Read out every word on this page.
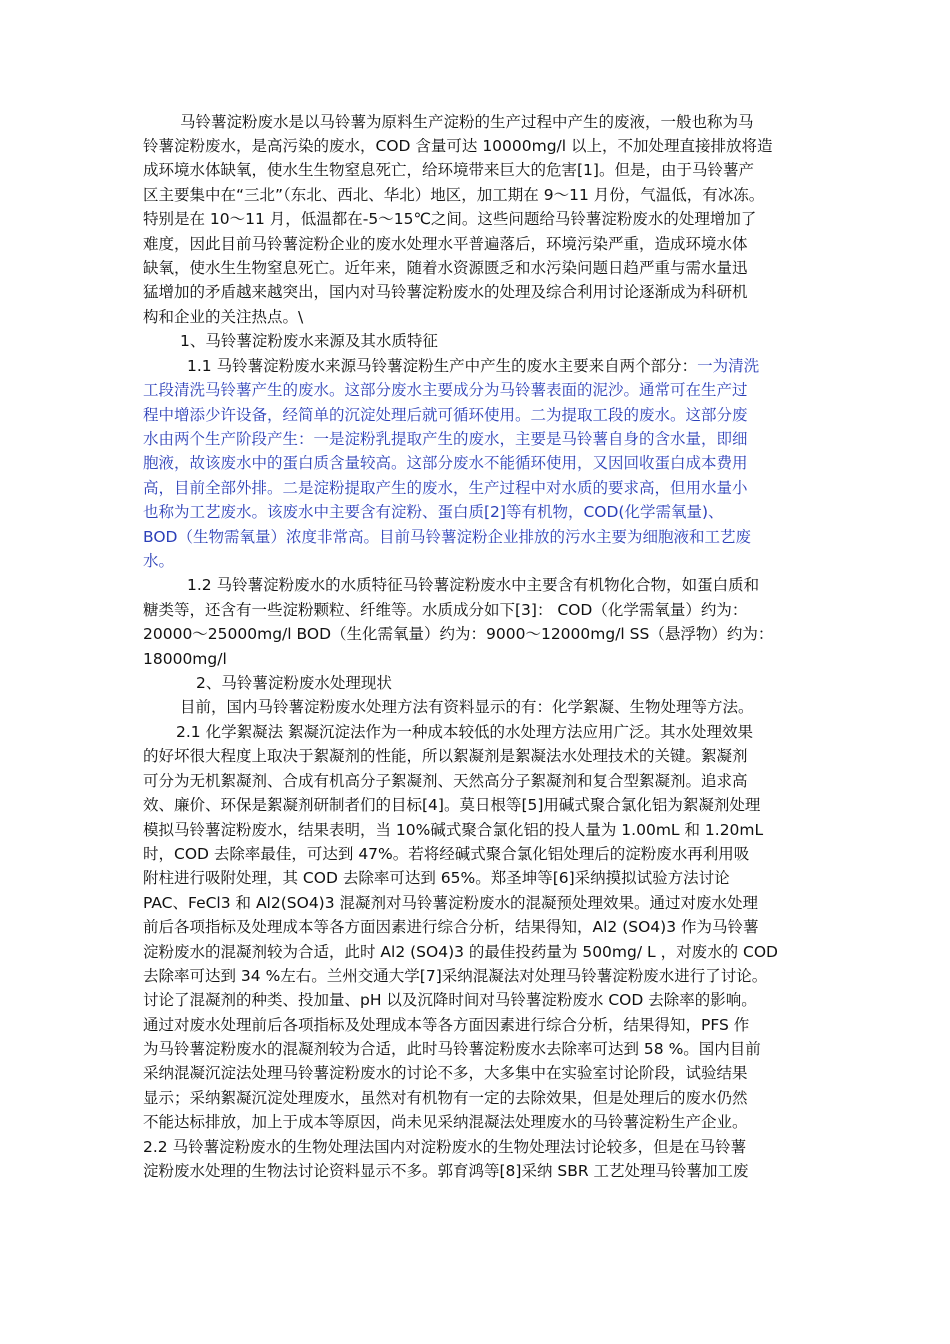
马铃薯淀粉废水是以马铃薯为原料生产淀粉的生产过程中产生的废液，一般也称为马
铃薯淀粉废水，是高污染的废水，COD 含量可达 10000mg/l 以上，不加处理直接排放将造
成环境水体缺氧，使水生生物窒息死亡，给环境带来巨大的危害[1]。但是，由于马铃薯产
区主要集中在“三北”（东北、西北、华北）地区，加工期在 9～11 月份，气温低，有冰冻。
特别是在 10～11 月，低温都在-5～15℃之间。这些问题给马铃薯淀粉废水的处理增加了
难度，因此目前马铃薯淀粉企业的废水处理水平普遍落后，环境污染严重，造成环境水体
缺氧，使水生生物窒息死亡。近年来，随着水资源匮乏和水污染问题日趋严重与需水量迅
猛增加的矛盾越来越突出，国内对马铃薯淀粉废水的处理及综合利用讨论逐渐成为科研机
构和企业的关注热点。\
1、马铃薯淀粉废水来源及其水质特征
1.1 马铃薯淀粉废水来源马铃薯淀粉生产中产生的废水主要来自两个部分：一为清洗
工段清洗马铃薯产生的废水。这部分废水主要成分为马铃薯表面的泥沙。通常可在生产过
程中增添少许设备，经简单的沉淀处理后就可循环使用。二为提取工段的废水。这部分废
水由两个生产阶段产生：一是淀粉乳提取产生的废水，主要是马铃薯自身的含水量，即细
胞液，故该废水中的蛋白质含量较高。这部分废水不能循环使用，又因回收蛋白成本费用
高，目前全部外排。二是淀粉提取产生的废水，生产过程中对水质的要求高，但用水量小
也称为工艺废水。该废水中主要含有淀粉、蛋白质[2]等有机物，COD(化学需氧量)、
BOD（生物需氧量）浓度非常高。目前马铃薯淀粉企业排放的污水主要为细胞液和工艺废
水。
1.2 马铃薯淀粉废水的水质特征马铃薯淀粉废水中主要含有机物化合物，如蛋白质和
糖类等，还含有一些淀粉颗粒、纤维等。水质成分如下[3]： COD（化学需氧量）约为：
20000～25000mg/l BOD（生化需氧量）约为：9000～12000mg/l SS（悬浮物）约为：
18000mg/l
2、马铃薯淀粉废水处理现状
目前，国内马铃薯淀粉废水处理方法有资料显示的有：化学絮凝、生物处理等方法。
2.1 化学絮凝法 絮凝沉淀法作为一种成本较低的水处理方法应用广泛。其水处理效果
的好坏很大程度上取决于絮凝剂的性能，所以絮凝剂是絮凝法水处理技术的关键。絮凝剂
可分为无机絮凝剂、合成有机高分子絮凝剂、天然高分子絮凝剂和复合型絮凝剂。追求高
效、廉价、环保是絮凝剂研制者们的目标[4]。莫日根等[5]用碱式聚合氯化铝为絮凝剂处理
模拟马铃薯淀粉废水，结果表明，当 10%碱式聚合氯化铝的投人量为 1.00mL 和 1.20mL
时，COD 去除率最佳，可达到 47%。若将经碱式聚合氯化铝处理后的淀粉废水再利用吸
附柱进行吸附处理，其 COD 去除率可达到 65%。郑圣坤等[6]采纳摸拟试验方法讨论
PAC、FeCl3 和 Al2(SO4)3 混凝剂对马铃薯淀粉废水的混凝预处理效果。通过对废水处理
前后各项指标及处理成本等各方面因素进行综合分析，结果得知，Al2 (SO4)3 作为马铃薯
淀粉废水的混凝剂较为合适，此时 Al2 (SO4)3 的最佳投药量为 500mg/ L ，对废水的 COD
去除率可达到 34 %左右。兰州交通大学[7]采纳混凝法对处理马铃薯淀粉废水进行了讨论。
讨论了混凝剂的种类、投加量、pH 以及沉降时间对马铃薯淀粉废水 COD 去除率的影响。
通过对废水处理前后各项指标及处理成本等各方面因素进行综合分析，结果得知，PFS 作
为马铃薯淀粉废水的混凝剂较为合适，此时马铃薯淀粉废水去除率可达到 58 %。国内目前
采纳混凝沉淀法处理马铃薯淀粉废水的讨论不多，大多集中在实验室讨论阶段，试验结果
显示；采纳絮凝沉淀处理废水，虽然对有机物有一定的去除效果，但是处理后的废水仍然
不能达标排放，加上于成本等原因，尚未见采纳混凝法处理废水的马铃薯淀粉生产企业。
2.2 马铃薯淀粉废水的生物处理法国内对淀粉废水的生物处理法讨论较多，但是在马铃薯
淀粉废水处理的生物法讨论资料显示不多。郭育鸿等[8]采纳 SBR 工艺处理马铃薯加工废
